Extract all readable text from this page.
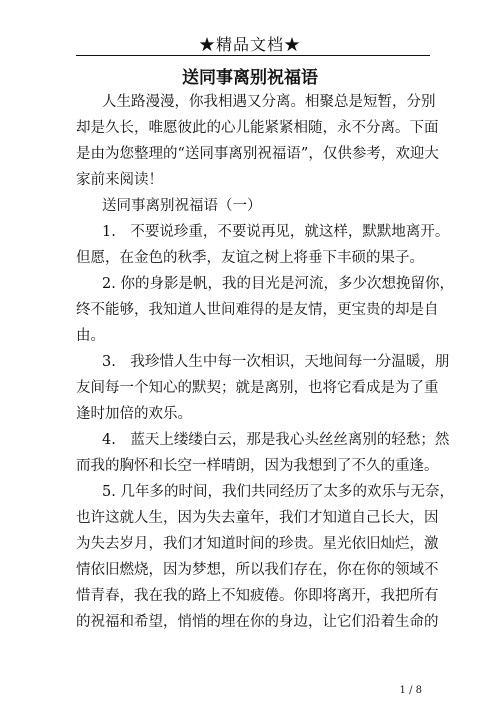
★精品文档★
送同事离别祝福语
人生路漫漫，你我相遇又分离。相聚总是短暂，分别
却是久长，唯愿彼此的心儿能紧紧相随，永不分离。下面
是由为您整理的“送同事离别祝福语”，仅供参考，欢迎大
家前来阅读！
送同事离别祝福语（一）
1.　不要说珍重，不要说再见，就这样，默默地离开。
但愿，在金色的秋季，友谊之树上将垂下丰硕的果子。
2. 你的身影是帆，我的目光是河流，多少次想挽留你，
终不能够，我知道人世间难得的是友情，更宝贵的却是自
由。
3.　我珍惜人生中每一次相识，天地间每一分温暖，朋
友间每一个知心的默契；就是离别，也将它看成是为了重
逢时加倍的欢乐。
4.　蓝天上缕缕白云，那是我心头丝丝离别的轻愁；然
而我的胸怀和长空一样晴朗，因为我想到了不久的重逢。
5. 几年多的时间，我们共同经历了太多的欢乐与无奈，
也许这就人生，因为失去童年，我们才知道自己长大，因
为失去岁月，我们才知道时间的珍贵。星光依旧灿烂，激
情依旧燃烧，因为梦想，所以我们存在，你在你的领域不
惜青春，我在我的路上不知疲倦。你即将离开，我把所有
的祝福和希望，悄悄的埋在你的身边，让它们沿着生命的
1 / 8
